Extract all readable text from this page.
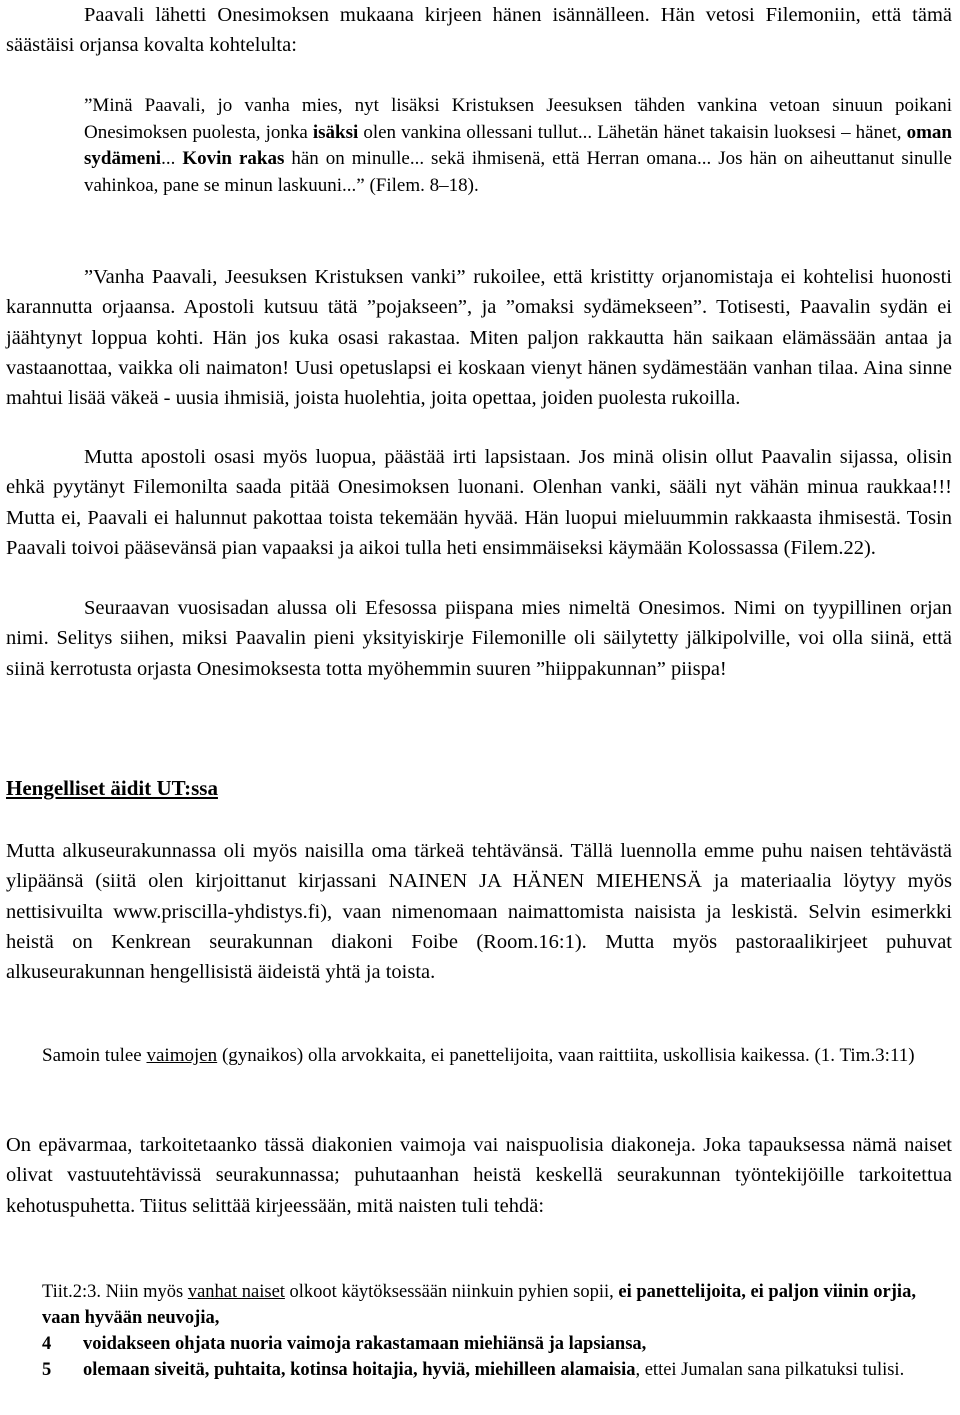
Paavali lähetti Onesimoksen mukaana kirjeen hänen isännälleen. Hän vetosi Filemoniin, että tämä säästäisi orjansa kovalta kohtelulta:

”Minä Paavali, jo vanha mies, nyt lisäksi Kristuksen Jeesuksen tähden vankina vetoan sinuun poikani Onesimoksen puolesta, jonka isäksi olen vankina ollessani tullut... Lähetän hänet takaisin luoksesi – hänet, oman sydämeni... Kovin rakas hän on minulle... sekä ihmisenä, että Herran omana... Jos hän on aiheuttanut sinulle vahinkoa, pane se minun laskuuni...” (Filem. 8–18).

”Vanha Paavali, Jeesuksen Kristuksen vanki” rukoilee, että kristitty orjanomistaja ei kohtelisi huonosti karannutta orjaansa. Apostoli kutsuu tätä ”pojakseen”, ja ”omaksi sydämekseen”. Totisesti, Paavalin sydän ei jäähtynyt loppua kohti. Hän jos kuka osasi rakastaa. Miten paljon rakkautta hän saikaan elämässään antaa ja vastaanottaa, vaikka oli naimaton! Uusi opetuslapsi ei koskaan vienyt hänen sydämestään vanhan tilaa. Aina sinne mahtui lisää väkeä - uusia ihmisiä, joista huolehtia, joita opettaa, joiden puolesta rukoilla.

Mutta apostoli osasi myös luopua, päästää irti lapsistaan. Jos minä olisin ollut Paavalin sijassa, olisin ehkä pyytänyt Filemonilta saada pitää Onesimoksen luonani. Olenhan vanki, sääli nyt vähän minua raukkaa!!! Mutta ei, Paavali ei halunnut pakottaa toista tekemään hyvää. Hän luopui mieluummin rakkaasta ihmisestä. Tosin Paavali toivoi pääsevänsä pian vapaaksi ja aikoi tulla heti ensimmäiseksi käymään Kolossassa (Filem.22).

Seuraavan vuosisadan alussa oli Efesossa piispana mies nimeltä Onesimos. Nimi on tyypillinen orjan nimi. Selitys siihen, miksi Paavalin pieni yksityiskirje Filemonille oli säilytetty jälkipolville, voi olla siinä, että siinä kerrotusta orjasta Onesimoksesta totta myöhemmin suuren ”hiippakunnan” piispa!

Hengelliset äidit UT:ssa

Mutta alkuseurakunnassa oli myös naisilla oma tärkeä tehtävänsä. Tällä luennolla emme puhu naisen tehtävästä ylipäänsä (siitä olen kirjoittanut kirjassani NAINEN JA HÄNEN MIEHENSÄ ja materiaalia löytyy myös nettisivuilta www.priscilla-yhdistys.fi), vaan nimenomaan naimattomista naisista ja leskistä. Selvin esimerkki heistä on Kenkrean seurakunnan diakoni Foibe (Room.16:1). Mutta myös pastoraalikirjeet puhuvat alkuseurakunnan hengellisistä äideistä yhtä ja toista.

Samoin tulee vaimojen (gynaikos) olla arvokkaita, ei panettelijoita, vaan raittiita, uskollisia kaikessa. (1. Tim.3:11)

On epävarmaa, tarkoitetaanko tässä diakonien vaimoja vai naispuolisia diakoneja. Joka tapauksessa nämä naiset olivat vastuutehtävissä seurakunnassa; puhutaanhan heistä keskellä seurakunnan työntekijöille tarkoitettua kehotuspuhetta. Tiitus selittää kirjeessään, mitä naisten tuli tehdä:

Tiit.2:3. Niin myös vanhat naiset olkoot käytöksessään niinkuin pyhien sopii, ei panettelijoita, ei paljon viinin orjia, vaan hyvään neuvojia,
4	voidakseen ohjata nuoria vaimoja rakastamaan miehiänsä ja lapsiansa,
5	olemaan siveitä, puhtaita, kotinsa hoitajia, hyviä, miehilleen alamaisia, ettei Jumalan sana pilkatuksi tulisi.
